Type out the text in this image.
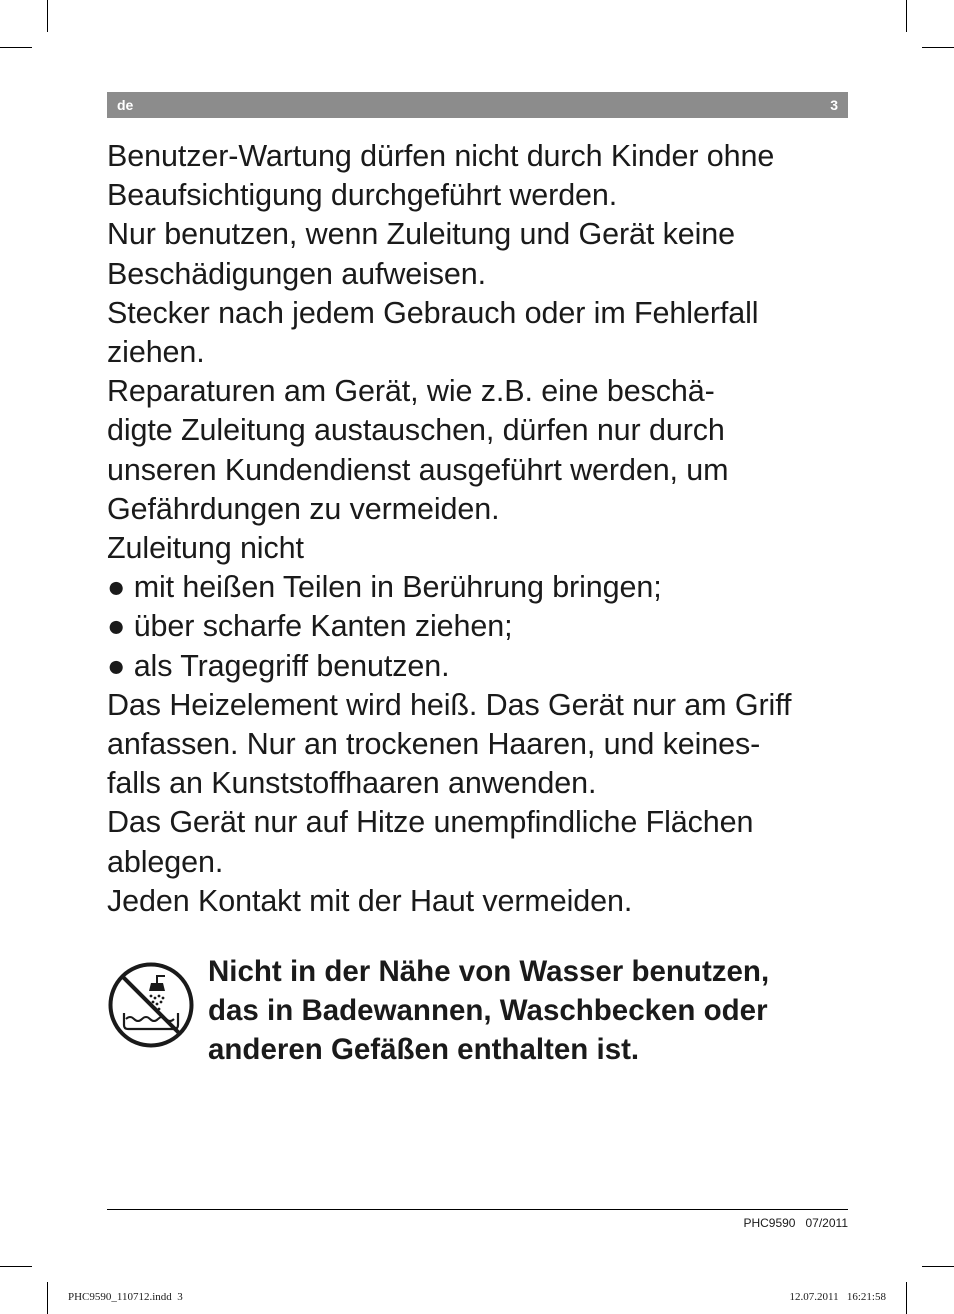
de	3
Benutzer-Wartung dürfen nicht durch Kinder ohne
Beaufsichtigung durchgeführt werden.
Nur benutzen, wenn Zuleitung und Gerät keine
Beschädigungen aufweisen.
Stecker nach jedem Gebrauch oder im Fehlerfall
ziehen.
Reparaturen am Gerät, wie z.B. eine beschä-
digte Zuleitung austauschen, dürfen nur durch
unseren Kundendienst ausgeführt werden, um
Gefährdungen zu vermeiden.
Zuleitung nicht
● mit heißen Teilen in Berührung bringen;
● über scharfe Kanten ziehen;
● als Tragegriff benutzen.
Das Heizelement wird heiß. Das Gerät nur am Griff
anfassen. Nur an trockenen Haaren, und keines-
falls an Kunststoffhaaren anwenden.
Das Gerät nur auf Hitze unempfindliche Flächen
ablegen.
Jeden Kontakt mit der Haut vermeiden.
Nicht in der Nähe von Wasser benutzen,
das in Badewannen, Waschbecken oder
anderen Gefäßen enthalten ist.
PHC9590 07/2011
PHC9590_110712.indd 3	12.07.2011 16:21:58
